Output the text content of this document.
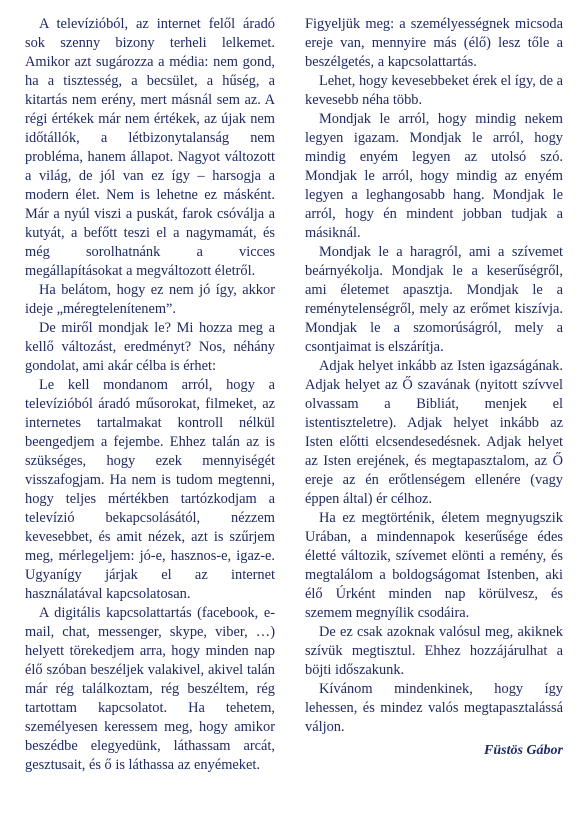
A televízióból, az internet felől áradó sok szenny bizony terheli lelkemet. Amikor azt sugározza a média: nem gond, ha a tisztesség, a becsület, a hűség, a kitartás nem erény, mert másnál sem az. A régi értékek már nem értékek, az újak nem időtállók, a létbizonytalanság nem probléma, hanem állapot. Nagyot változott a világ, de jól van ez így – harsogja a modern élet. Nem is lehetne ez másként. Már a nyúl viszi a puskát, farok csóválja a kutyát, a befőtt teszi el a nagymamát, és még sorolhatnánk a vicces megállapításokat a megváltozott életről.

Ha belátom, hogy ez nem jó így, akkor ideje „méregtelenítenem”.

De miről mondjak le? Mi hozza meg a kellő változást, eredményt? Nos, néhány gondolat, ami akár célba is érhet:

Le kell mondanom arról, hogy a televízióból áradó műsorokat, filmeket, az internetes tartalmakat kontroll nélkül beengedjem a fejembe. Ehhez talán az is szükséges, hogy ezek mennyiségét visszafogjam. Ha nem is tudom megtenni, hogy teljes mértékben tartózkodjam a televízió bekapcsolásától, nézzem kevesebbet, és amit nézek, azt is szűrjem meg, mérlegeljem: jó-e, hasznos-e, igaz-e. Ugyanígy járjak el az internet használatával kapcsolatosan.

A digitális kapcsolattartás (facebook, e-mail, chat, messenger, skype, viber, …) helyett törekedjem arra, hogy minden nap élő szóban beszéljek valakivel, akivel talán már rég találkoztam, rég beszéltem, rég tartottam kapcsolatot. Ha tehetem, személyesen keressem meg, hogy amikor beszédbe elegyedünk, láthassam arcát, gesztusait, és ő is láthassa az enyémeket.

Figyeljük meg: a személyességnek micsoda ereje van, mennyire más (élő) lesz tőle a beszélgetés, a kapcsolattartás.

Lehet, hogy kevesebbeket érek el így, de a kevesebb néha több.

Mondjak le arról, hogy mindig nekem legyen igazam. Mondjak le arról, hogy mindig enyém legyen az utolsó szó. Mondjak le arról, hogy mindig az enyém legyen a leghangosabb hang. Mondjak le arról, hogy én mindent jobban tudjak a másiknál.

Mondjak le a haragról, ami a szívemet beárnyékolja. Mondjak le a keserűségről, ami életemet apasztja. Mondjak le a reménytelenségről, mely az erőmet kiszívja. Mondjak le a szomorúságról, mely a csontjaimat is elszárítja.

Adjak helyet inkább az Isten igazságának. Adjak helyet az Ő szavának (nyitott szívvel olvassam a Bibliát, menjek el istentiszteletre). Adjak helyet inkább az Isten előtti elcsendesedésnek. Adjak helyet az Isten erejének, és megtapasztalom, az Ő ereje az én erőtlenségem ellenére (vagy éppen által) ér célhoz.

Ha ez megtörténik, életem megnyugszik Urában, a mindennapok keserűsége édes életté változik, szívemet elönti a remény, és megtalálom a boldogságomat Istenben, aki élő Úrként minden nap körülvesz, és szemem megnyílik csodáira.

De ez csak azoknak valósul meg, akiknek szívük megtisztul. Ehhez hozzájárulhat a böjti időszakunk.

Kívánom mindenkinek, hogy így lehessen, és mindez valós megtapasztalássá váljon.

Füstös Gábor
